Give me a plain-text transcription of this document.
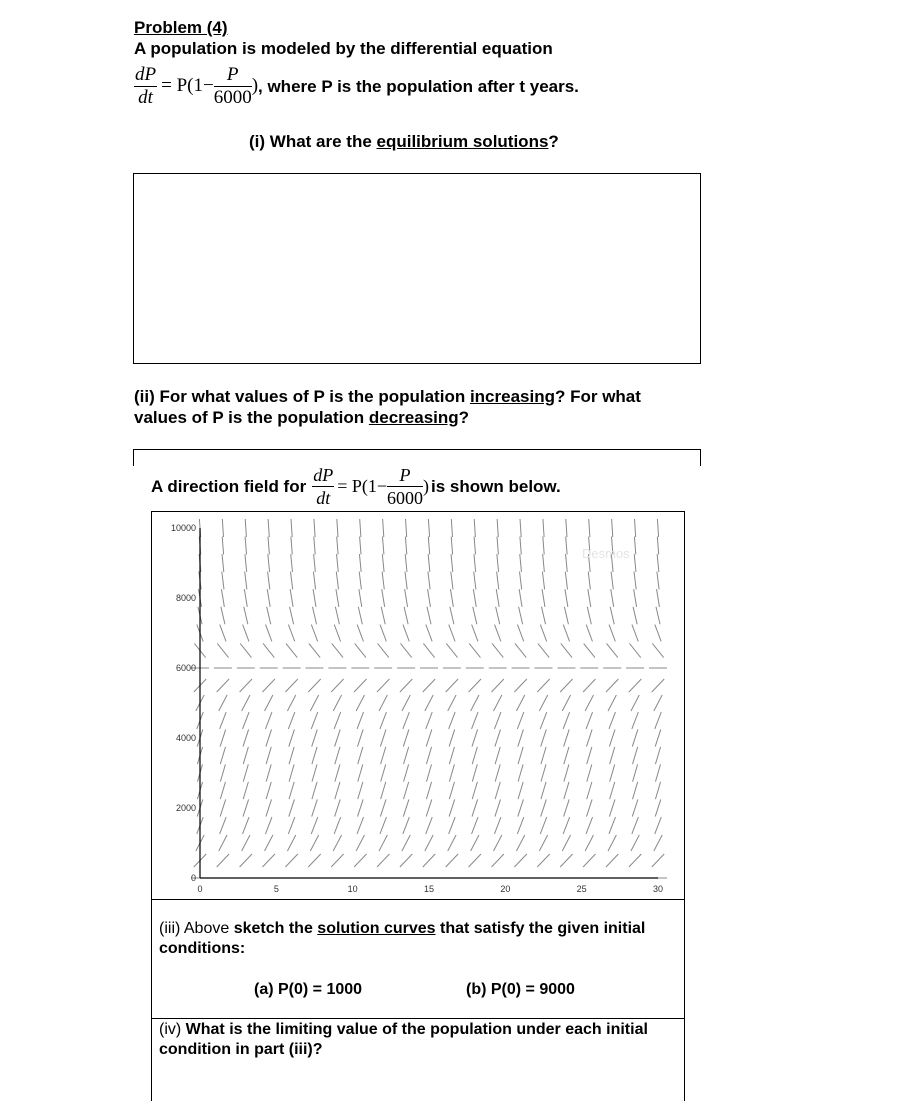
Problem (4)
A population is modeled by the differential equation
$\frac{dP}{dt} = P(1- \frac{P}{6000}$ ) , where P is the population after t years.
(i) What are the equilibrium solutions?
(ii) For what values of P is the population increasing? For what values of P is the population decreasing?
A direction field for $\frac{dP}{dt} = P(1- \frac{P}{6000}$ ) is shown below.
0	5	10	15	20	25	30
0
2000
4000
6000
8000
10000
Desmos
(iii) Above sketch the solution curves that satisfy the given initial conditions:
(a) P(0) = 1000	(b) P(0) = 9000
(iv) What is the limiting value of the population under each initial condition in part (iii)?
